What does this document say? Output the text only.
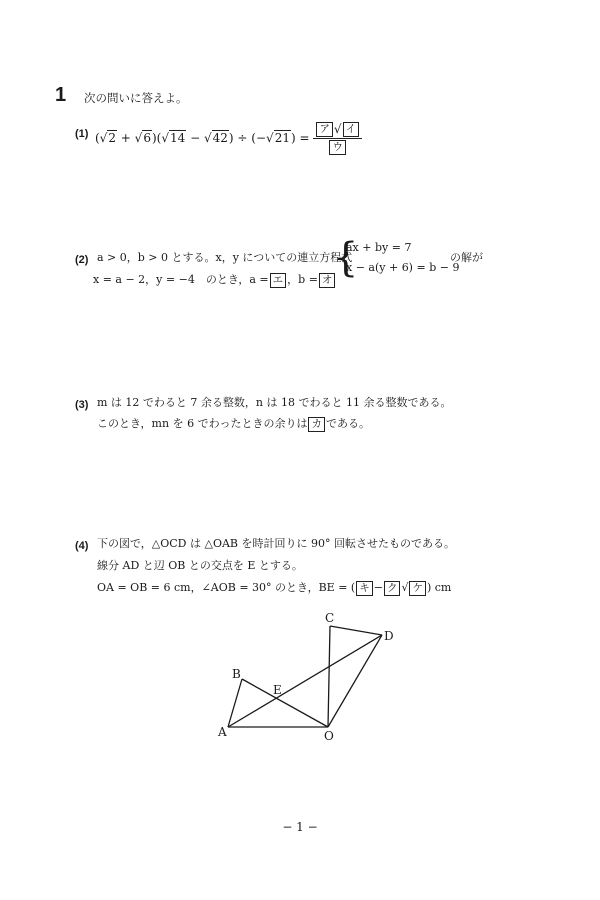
1 次の問いに答えよ。
(1) $(√2 + √6)(√14 - √42) \div (-√21) = \frac{\text{ア √ イ}}{\text{ウ}}$
(2) a > 0，b > 0 とする。x，y についての連立方程式
{
ax + by = 7
x − a(y + 6) = b − 9
の解が
x = a − 2，y = −4　のとき，a = エ ，b = オ
(3) m は 12 でわると 7 余る整数，n は 18 でわると 11 余る整数である。
このとき，mn を 6 でわったときの余りは カ である。
(4) 下の図で，△OCD は △OAB を時計回りに 90° 回転させたものである。
線分 AD と辺 OB との交点を E とする。
OA = OB = 6 cm，∠AOB = 30° のとき，BE = ( キ − ク √ ケ ) cm
A
B
C
D
E
O
− 1 −
